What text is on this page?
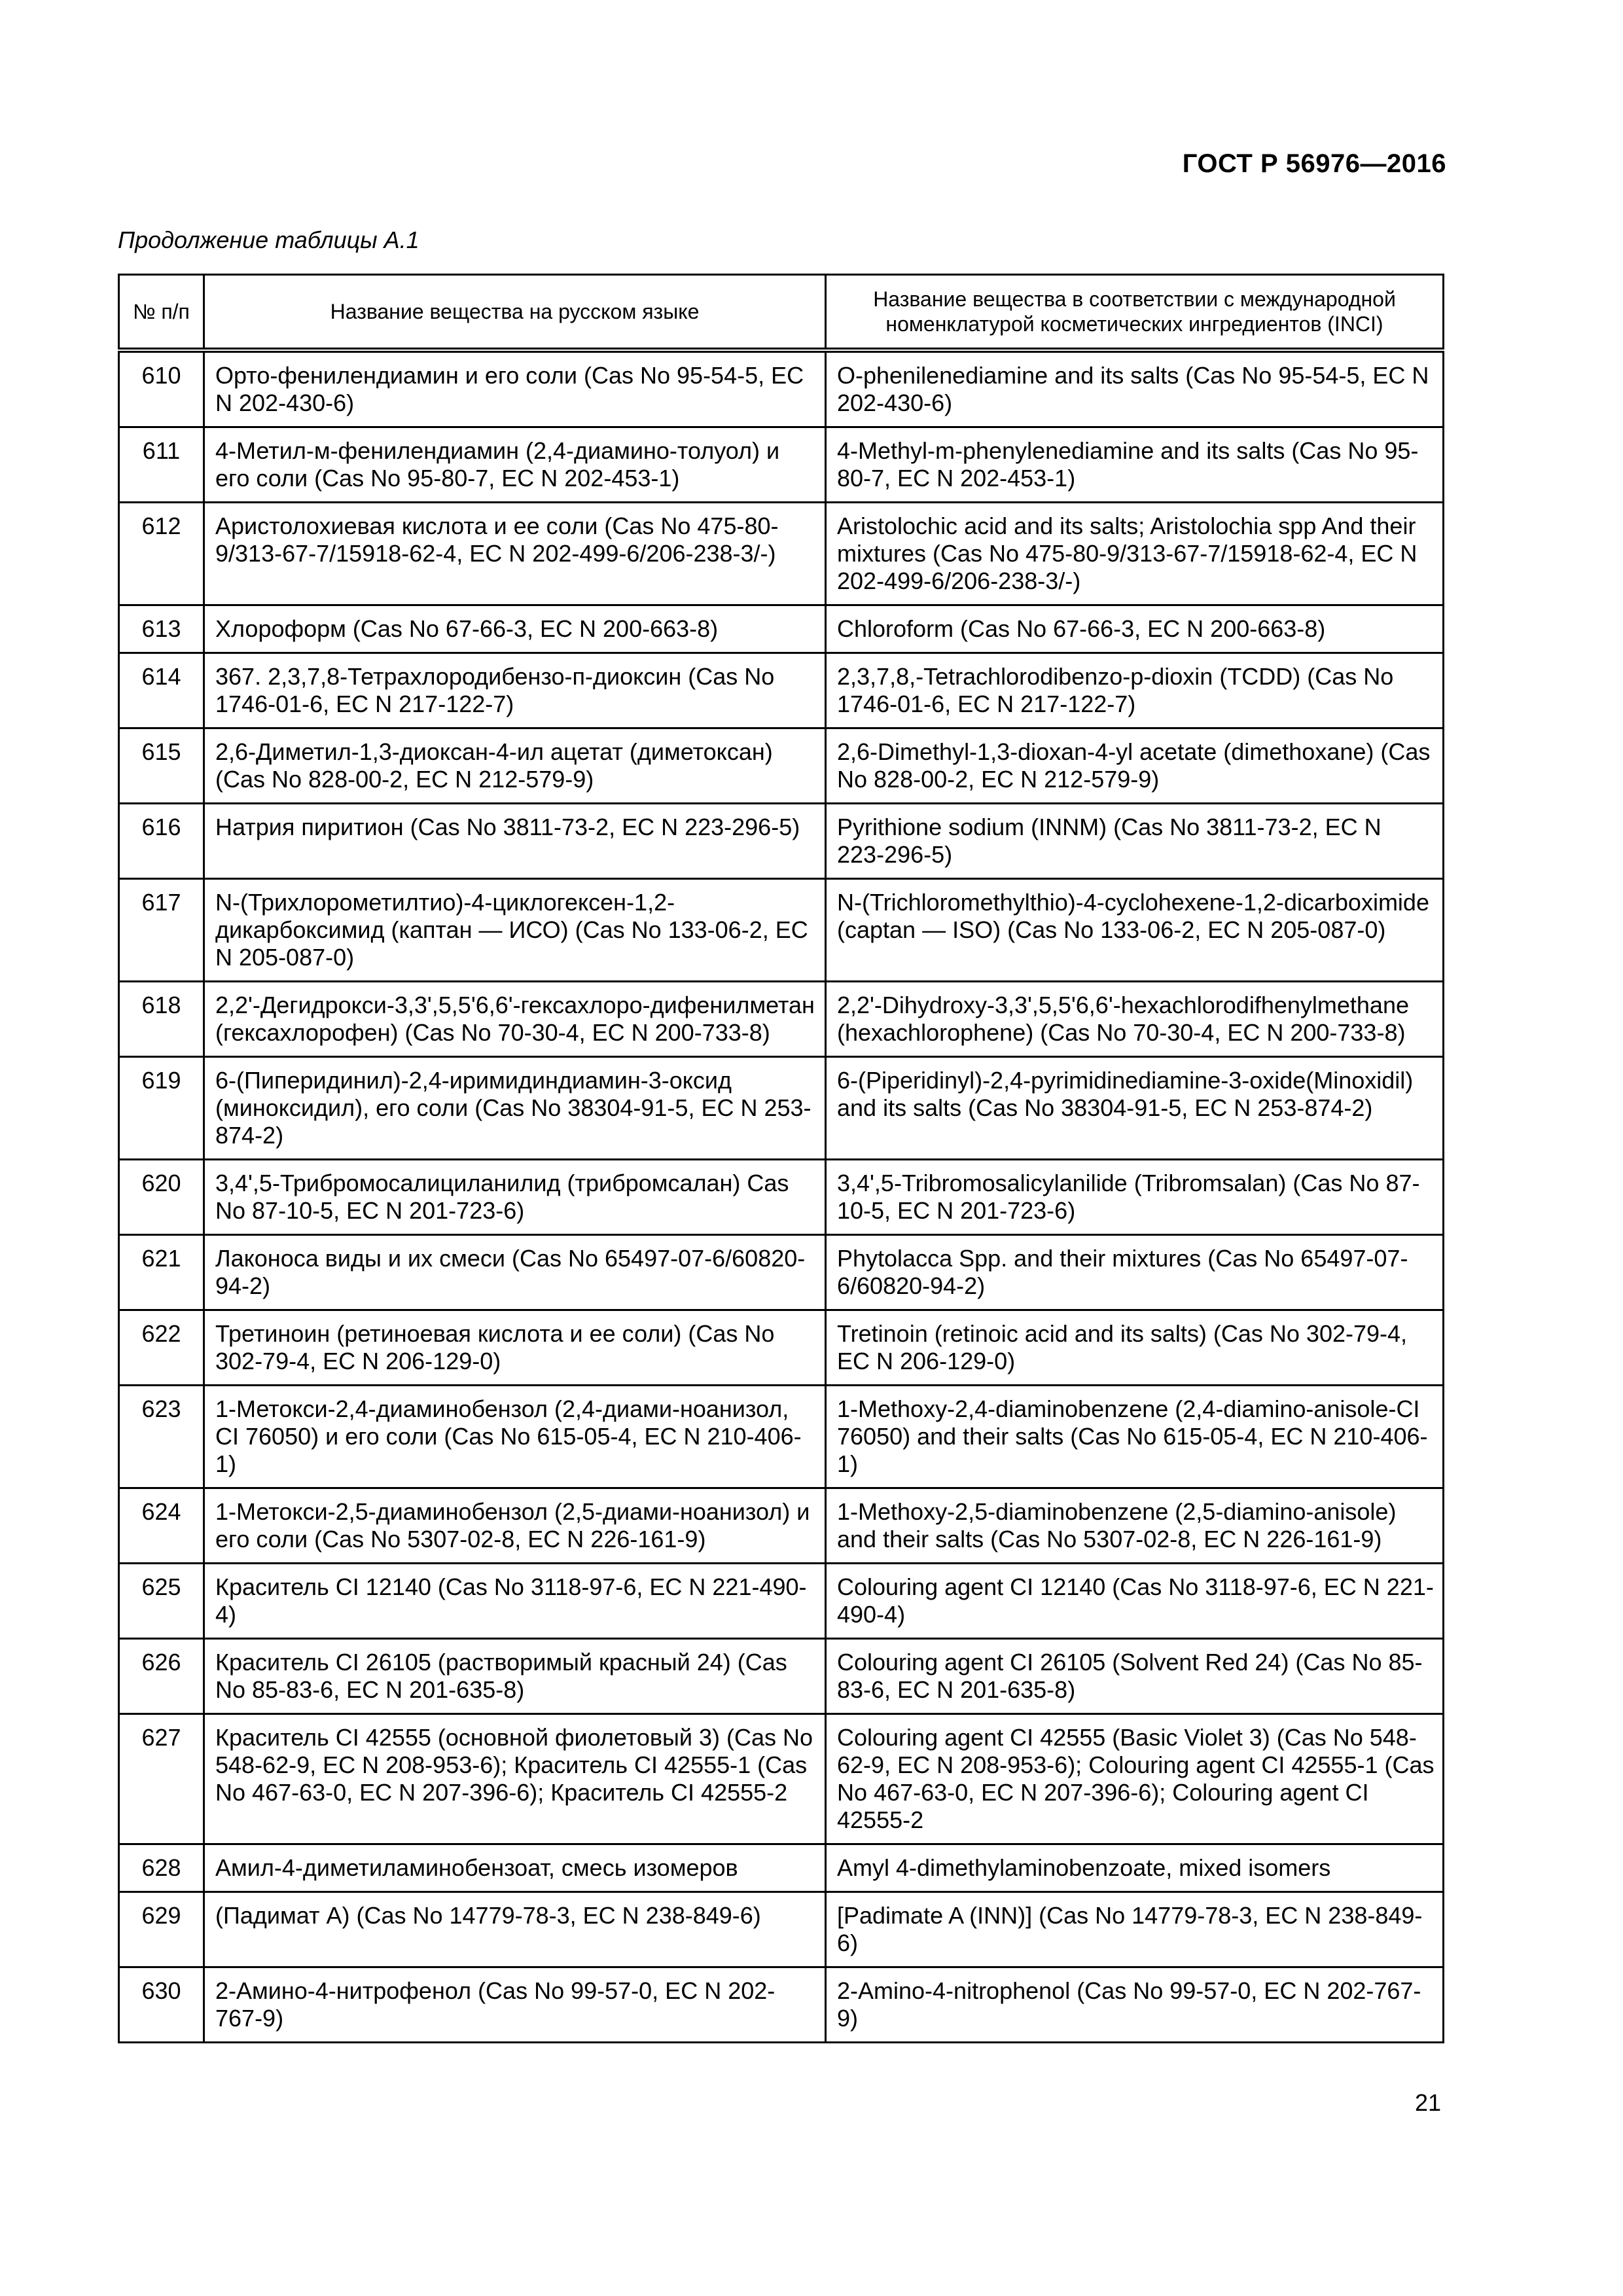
ГОСТ Р 56976—2016
Продолжение таблицы А.1
№ п/п	Название вещества на русском языке	Название вещества в соответствии с международной номенклатурой косметических ингредиентов (INCI)
610	Орто-фенилендиамин и его соли (Cas No 95-54-5, ЕС N 202-430-6)	O-phenilenediamine and its salts (Cas No 95-54-5, EC N 202-430-6)
611	4-Метил-м-фенилендиамин (2,4-диамино-толуол) и его соли (Cas No 95-80-7, ЕС N 202-453-1)	4-Methyl-m-phenylenediamine and its salts (Cas No 95-80-7, EC N 202-453-1)
612	Аристолохиевая кислота и ее соли (Cas No 475-80-9/313-67-7/15918-62-4, ЕС N 202-499-6/206-238-3/-)	Aristolochic acid and its salts; Aristolochia spp And their mixtures (Cas No 475-80-9/313-67-7/15918-62-4, EC N 202-499-6/206-238-3/-)
613	Хлороформ (Cas No 67-66-3, ЕС N 200-663-8)	Chloroform (Cas No 67-66-3, EC N 200-663-8)
614	367. 2,3,7,8-Тетрахлородибензо-п-диоксин (Cas No 1746-01-6, ЕС N 217-122-7)	2,3,7,8,-Tetrachlorodibenzo-p-dioxin (TCDD) (Cas No 1746-01-6, EC N 217-122-7)
615	2,6-Диметил-1,3-диоксан-4-ил ацетат (диметоксан) (Cas No 828-00-2, ЕС N 212-579-9)	2,6-Dimethyl-1,3-dioxan-4-yl acetate (dimethoxane) (Cas No 828-00-2, EC N 212-579-9)
616	Натрия пиритион (Cas No 3811-73-2, ЕС N 223-296-5)	Pyrithione sodium (INNM) (Cas No 3811-73-2, EC N 223-296-5)
617	N-(Трихлорометилтио)-4-циклогексен-1,2-дикарбоксимид (каптан — ИСО) (Cas No 133-06-2, ЕС N 205-087-0)	N-(Trichloromethylthio)-4-cyclohexene-1,2-dicarboximide (captan — ISO) (Cas No 133-06-2, EC N 205-087-0)
618	2,2'-Дегидрокси-3,3',5,5'6,6'-гексахлоро-дифенилметан (гексахлорофен) (Cas No 70-30-4, ЕС N 200-733-8)	2,2'-Dihydroxy-3,3',5,5'6,6'-hexachlorodifhenylmethane (hexachlorophene) (Cas No 70-30-4, EC N 200-733-8)
619	6-(Пиперидинил)-2,4-иримидиндиамин-3-оксид (миноксидил), его соли (Cas No 38304-91-5, ЕС N 253-874-2)	6-(Piperidinyl)-2,4-pyrimidinediamine-3-oxide(Minoxidil) and its salts (Cas No 38304-91-5, EC N 253-874-2)
620	3,4',5-Трибромосалициланилид (трибромсалан) Cas No 87-10-5, ЕС N 201-723-6)	3,4',5-Tribromosalicylanilide (Tribromsalan) (Cas No 87-10-5, EC N 201-723-6)
621	Лаконоса виды и их смеси (Cas No 65497-07-6/60820-94-2)	Phytolacca Spp. and their mixtures (Cas No 65497-07-6/60820-94-2)
622	Третиноин (ретиноевая кислота и ее соли) (Cas No 302-79-4, ЕС N 206-129-0)	Tretinoin (retinoic acid and its salts) (Cas No 302-79-4, EC N 206-129-0)
623	1-Метокси-2,4-диаминобензол (2,4-диами-ноанизол, CI 76050) и его соли (Cas No 615-05-4, ЕС N 210-406-1)	1-Methoxy-2,4-diaminobenzene (2,4-diamino-anisole-CI 76050) and their salts (Cas No 615-05-4, EC N 210-406-1)
624	1-Метокси-2,5-диаминобензол (2,5-диами-ноанизол) и его соли (Cas No 5307-02-8, ЕС N 226-161-9)	1-Methoxy-2,5-diaminobenzene (2,5-diamino-anisole) and their salts (Cas No 5307-02-8, EC N 226-161-9)
625	Краситель CI 12140 (Cas No 3118-97-6, ЕС N 221-490-4)	Colouring agent CI 12140 (Cas No 3118-97-6, EC N 221-490-4)
626	Краситель CI 26105 (растворимый красный 24) (Cas No 85-83-6, ЕС N 201-635-8)	Colouring agent CI 26105 (Solvent Red 24) (Cas No 85-83-6, EC N 201-635-8)
627	Краситель CI 42555 (основной фиолетовый 3) (Cas No 548-62-9, ЕС N 208-953-6); Краситель CI 42555-1 (Cas No 467-63-0, ЕС N 207-396-6); Краситель CI 42555-2	Colouring agent CI 42555 (Basic Violet 3) (Cas No 548-62-9, EC N 208-953-6); Colouring agent CI 42555-1 (Cas No 467-63-0, EC N 207-396-6); Colouring agent CI 42555-2
628	Амил-4-диметиламинобензоат, смесь изомеров	Amyl 4-dimethylaminobenzoate, mixed isomers
629	(Падимат А) (Cas No 14779-78-3, ЕС N 238-849-6)	[Padimate A (INN)] (Cas No 14779-78-3, EC N 238-849-6)
630	2-Амино-4-нитрофенол (Cas No 99-57-0, ЕС N 202-767-9)	2-Amino-4-nitrophenol (Cas No 99-57-0, EC N 202-767-9)
21
